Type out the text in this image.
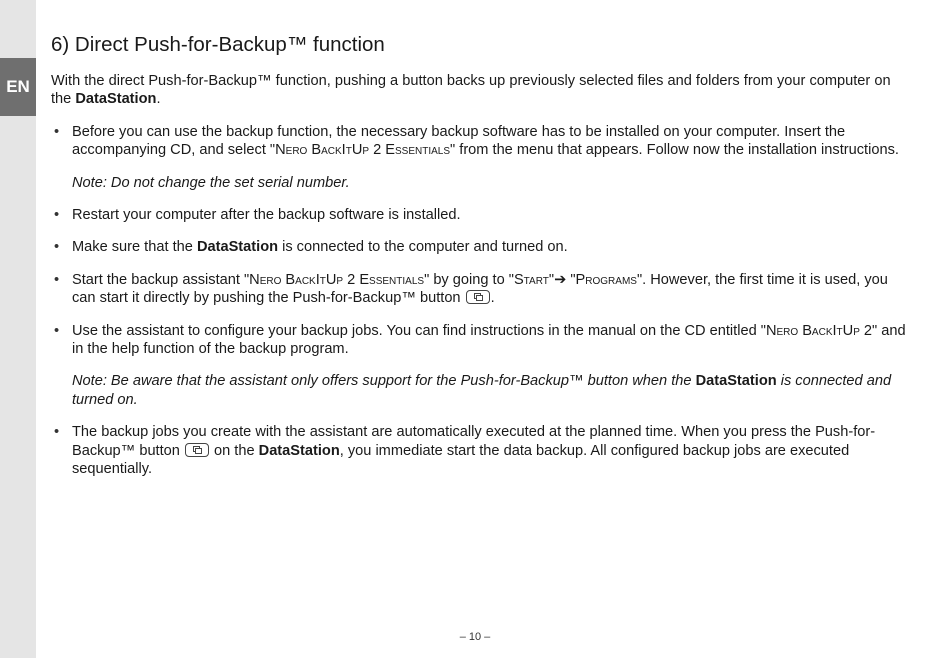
EN
6) Direct Push-for-Backup™ function

With the direct Push-for-Backup™ function, pushing a button backs up previously selected files and folders from your computer on the DataStation.

• Before you can use the backup function, the necessary backup software has to be installed on your computer. Insert the accompanying CD, and select "Nero BackItUp 2 Essentials" from the menu that appears. Follow now the installation instructions.
Note: Do not change the set serial number.
• Restart your computer after the backup software is installed.
• Make sure that the DataStation is connected to the computer and turned on.
• Start the backup assistant "Nero BackItUp 2 Essentials" by going to "Start"➔ "Programs". However, the first time it is used, you can start it directly by pushing the Push-for-Backup™ button .
• Use the assistant to configure your backup jobs. You can find instructions in the manual on the CD entitled "Nero BackItUp 2" and in the help function of the backup program.
Note: Be aware that the assistant only offers support for the Push-for-Backup™ button when the DataStation is connected and turned on.
• The backup jobs you create with the assistant are automatically executed at the planned time. When you press the Push-for-Backup™ button  on the DataStation, you immediate start the data backup. All configured backup jobs are executed sequentially.
– 10 –
